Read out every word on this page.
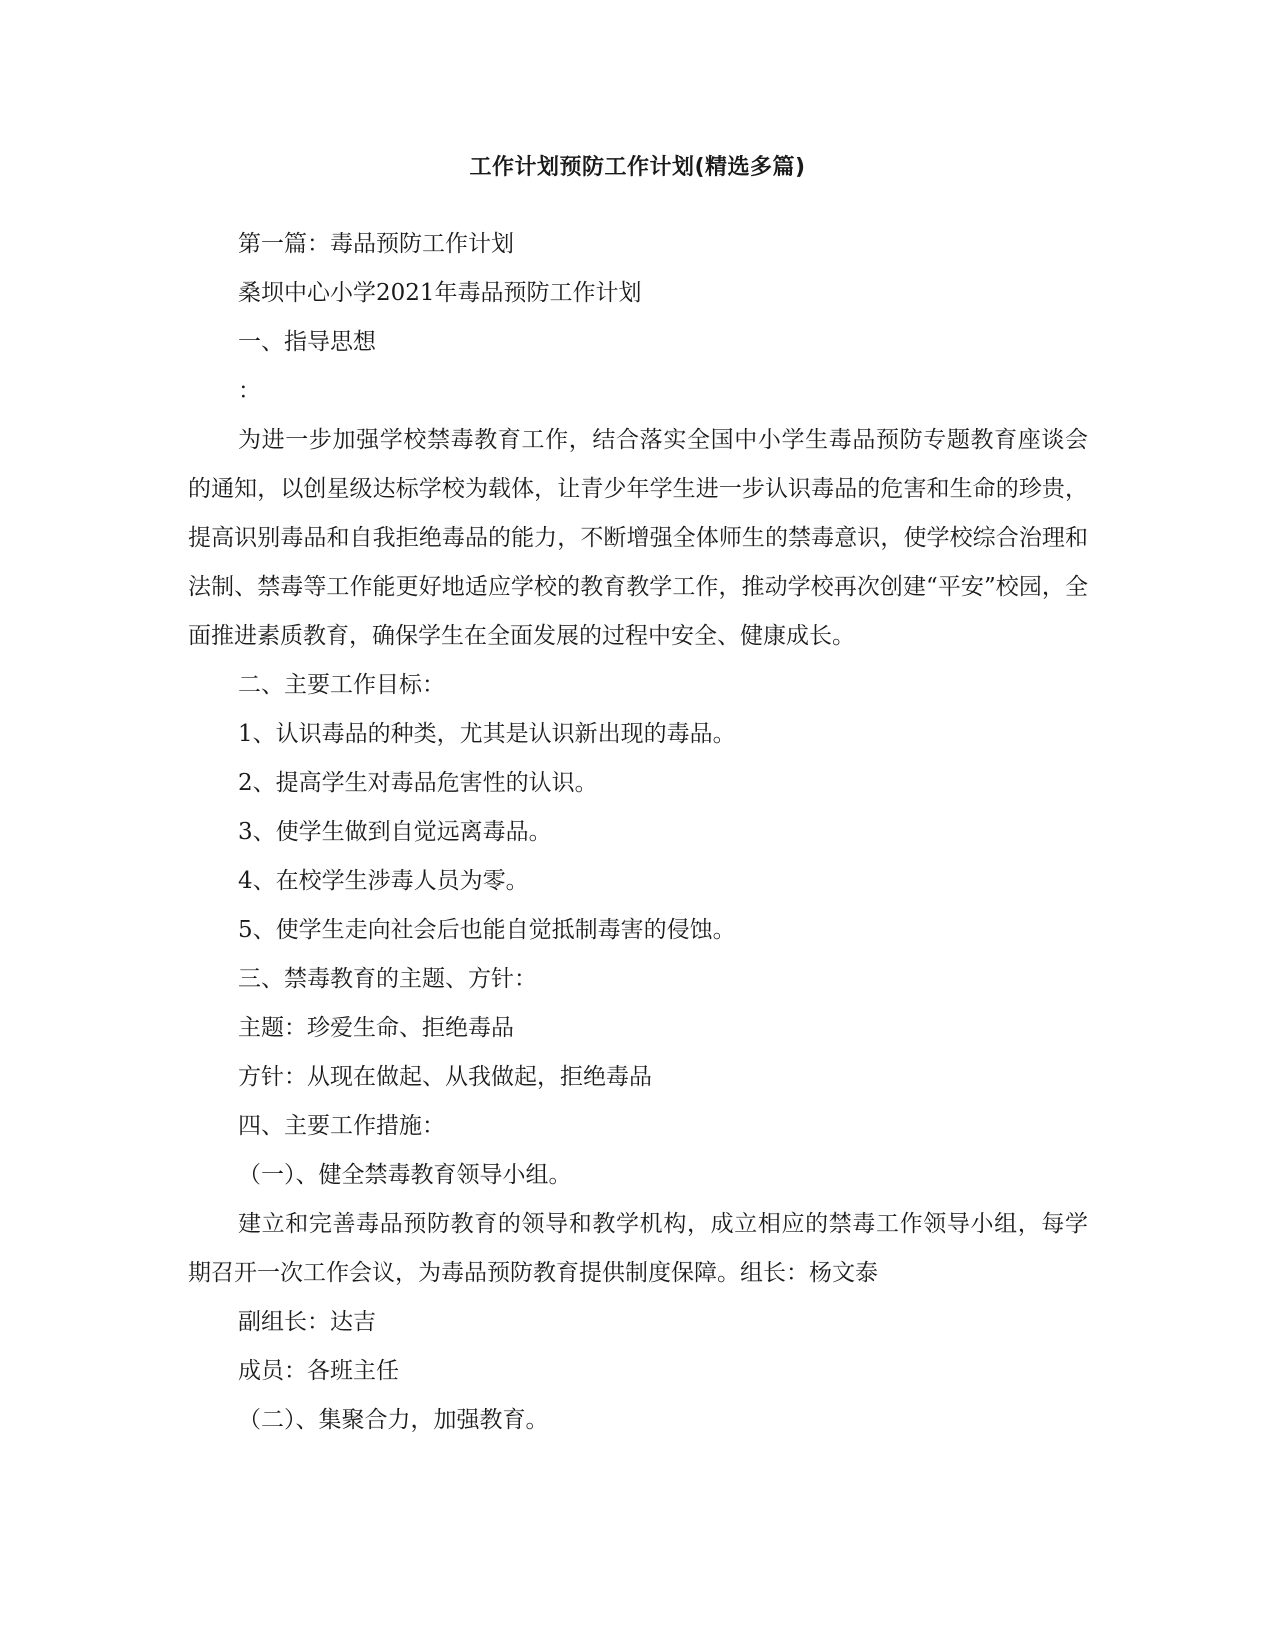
工作计划预防工作计划(精选多篇)

第一篇：毒品预防工作计划

桑坝中心小学2021年毒品预防工作计划

一、指导思想

：

为进一步加强学校禁毒教育工作，结合落实全国中小学生毒品预防专题教育座谈会的通知，以创星级达标学校为载体，让青少年学生进一步认识毒品的危害和生命的珍贵，提高识别毒品和自我拒绝毒品的能力，不断增强全体师生的禁毒意识，使学校综合治理和法制、禁毒等工作能更好地适应学校的教育教学工作，推动学校再次创建“平安”校园，全面推进素质教育，确保学生在全面发展的过程中安全、健康成长。

二、主要工作目标：

1、认识毒品的种类，尤其是认识新出现的毒品。

2、提高学生对毒品危害性的认识。

3、使学生做到自觉远离毒品。

4、在校学生涉毒人员为零。

5、使学生走向社会后也能自觉抵制毒害的侵蚀。

三、禁毒教育的主题、方针：

主题：珍爱生命、拒绝毒品

方针：从现在做起、从我做起，拒绝毒品

四、主要工作措施：

（一）、健全禁毒教育领导小组。

建立和完善毒品预防教育的领导和教学机构，成立相应的禁毒工作领导小组，每学期召开一次工作会议，为毒品预防教育提供制度保障。组长：杨文泰

副组长：达吉

成员：各班主任

（二）、集聚合力，加强教育。
